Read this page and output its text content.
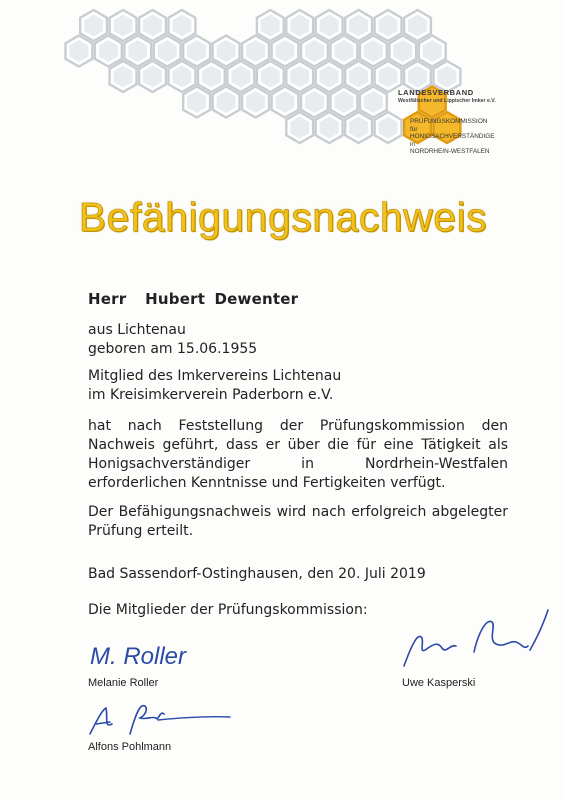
LANDESVERBAND
Westfälischer und Lippischer Imker e.V.
PRÜFUNGSKOMMISSION
für
HONIGSACHVERSTÄNDIGE
in
NORDRHEIN-WESTFALEN
Befähigungsnachweis
Herr  Hubert Dewenter
aus Lichtenau
geboren am 15.06.1955
Mitglied des Imkervereins Lichtenau
im Kreisimkerverein Paderborn e.V.
hat nach Feststellung der Prüfungskommission den Nachweis geführt, dass er über die für eine Tätigkeit als Honigsachverständiger in Nordrhein-Westfalen erforderlichen Kenntnisse und Fertigkeiten verfügt.
Der Befähigungsnachweis wird nach erfolgreich abgelegter Prüfung erteilt.
Bad Sassendorf-Ostinghausen, den 20. Juli 2019
Die Mitglieder der Prüfungskommission:
M. Roller
Melanie Roller	Uwe Kasperski
Alfons Pohlmann
